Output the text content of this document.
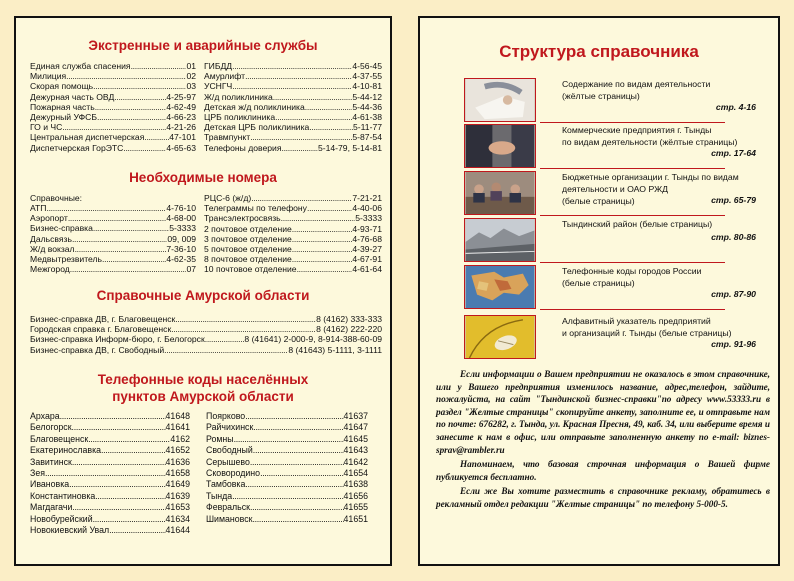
Экстренные и аварийные службы
Единая служба спасения .....	01
Милиция .....	02
Скорая помощь .....	03
Дежурная часть ОВД .....	4-25-97
Пожарная часть .....	4-62-49
Дежурный УФСБ .....	4-66-23
ГО и ЧС .....	4-21-26
Центральная диспетчерская .....	47-101
Диспетчерская ГорЭТС .....	4-65-63
ГИБДД .....	4-56-45
Амурлифт .....	4-37-55
УСНГЧ .....	4-10-81
Ж/д поликлиника .....	5-44-12
Детская ж/д поликлиника .....	5-44-36
ЦРБ поликлиника .....	4-61-38
Детская ЦРБ поликлиника .....	5-11-77
Травмпункт .....	5-87-54
Телефоны доверия .....	5-14-79, 5-14-81
Необходимые номера
Справочные:
АТП .....	4-76-10
Аэропорт .....	4-68-00
Бизнес-справка .....	5-3333
Дальсвязь .....	09, 009
Ж/д вокзал .....	7-36-10
Медвытрезвитель .....	4-62-35
Межгород .....	07
РЦС-6 (ж/д) .....	7-21-21
Телеграммы по телефону .....	4-40-06
Трансэлектросвязь .....	5-3333
2 почтовое отделение .....	4-93-71
3 почтовое отделение .....	4-76-68
5 почтовое отделение .....	4-39-27
8 почтовое отделение .....	4-67-91
10 почтовое отделение .....	4-61-64
Справочные Амурской области
Бизнес-справка ДВ, г. Благовещенск .....	8 (4162) 333-333
Городская справка г. Благовещенск .....	8 (4162) 222-220
Бизнес-справка Информ-бюро, г. Белогорск .....	8 (41641) 2-000-9, 8-914-388-60-09
Бизнес-справка ДВ, г. Свободный .....	8 (41643) 5-1111, 3-1111
Телефонные коды населённых
пунктов Амурской области
Архара .....	41648
Белогорск .....	41641
Благовещенск .....	4162
Екатеринославка .....	41652
Завитинск .....	41636
Зея .....	41658
Ивановка .....	41649
Константиновка .....	41639
Магдагачи .....	41653
Новобурейский .....	41634
Новокиевский Увал .....	41644
Поярково .....	41637
Райчихинск .....	41647
Ромны .....	41645
Свободный .....	41643
Серышево .....	41642
Сковородино .....	41654
Тамбовка .....	41638
Тында .....	41656
Февральск .....	41655
Шимановск .....	41651
Структура справочника
Содержание по видам деятельности
(жёлтые страницы)
стр. 4-16
Коммерческие предприятия г. Тынды
по видам деятельности (жёлтые страницы)
стр. 17-64
Бюджетные организации г. Тынды по видам
деятельности и ОАО РЖД
(белые страницы)	стр. 65-79
Тындинский район (белые страницы)
стр. 80-86
Телефонные коды городов России
(белые страницы)
стр. 87-90
Алфавитный указатель предприятий
и организаций г. Тынды (белые страницы)
стр. 91-96

Если информации о Вашем предприятии не оказалось в этом справочнике, или у Вашего предприятия изменилось название, адрес,телефон, зайдите, пожалуйста, на сайт "Тындинской бизнес-справки"по адресу www.53333.ru в раздел "Желтые страницы" скопируйте анкету, заполните ее, и отправьте нам по почте: 676282, г. Тында, ул. Красная Пресня, 49, каб. 34, или выберите время и занесите к нам в офис, или отправьте заполненную анкету по e-mail: biznes-sprav@rambler.ru

Напоминаем, что базовая строчная информация о Вашей фирме публикуется бесплатно.

Если же Вы хотите разместить в справочнике рекламу, обратитесь в рекламный отдел редакции "Желтые страницы" по телефону 5-000-5.
